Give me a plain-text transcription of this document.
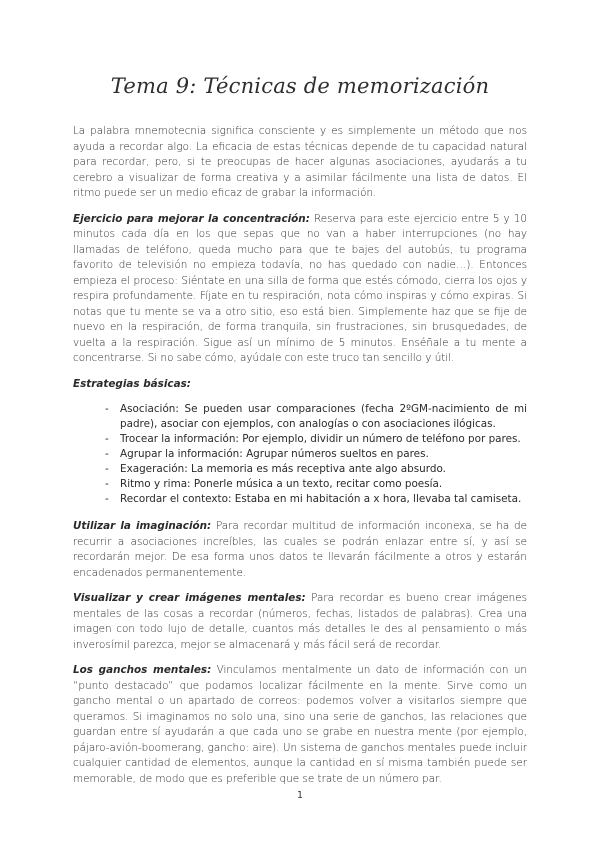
Tema 9: Técnicas de memorización

La palabra mnemotecnia significa consciente y es simplemente un método que nos ayuda a recordar algo. La eficacia de estas técnicas depende de tu capacidad natural para recordar, pero, si te preocupas de hacer algunas asociaciones, ayudarás a tu cerebro a visualizar de forma creativa y a asimilar fácilmente una lista de datos. El ritmo puede ser un medio eficaz de grabar la información.

Ejercicio para mejorar la concentración: Reserva para este ejercicio entre 5 y 10 minutos cada día en los que sepas que no van a haber interrupciones (no hay llamadas de teléfono, queda mucho para que te bajes del autobús, tu programa favorito de televisión no empieza todavía, no has quedado con nadie…). Entonces empieza el proceso: Siéntate en una silla de forma que estés cómodo, cierra los ojos y respira profundamente. Fíjate en tu respiración, nota cómo inspiras y cómo expiras. Si notas que tu mente se va a otro sitio, eso está bien. Simplemente haz que se fije de nuevo en la respiración, de forma tranquila, sin frustraciones, sin brusquedades, de vuelta a la respiración. Sigue así un mínimo de 5 minutos. Enséñale a tu mente a concentrarse. Si no sabe cómo, ayúdale con este truco tan sencillo y útil.

Estrategias básicas:
- Asociación: Se pueden usar comparaciones (fecha 2ºGM-nacimiento de mi padre), asociar con ejemplos, con analogías o con asociaciones ilógicas.
- Trocear la información: Por ejemplo, dividir un número de teléfono por pares.
- Agrupar la información: Agrupar números sueltos en pares.
- Exageración: La memoria es más receptiva ante algo absurdo.
- Ritmo y rima: Ponerle música a un texto, recitar como poesía.
- Recordar el contexto: Estaba en mi habitación a x hora, llevaba tal camiseta.

Utilizar la imaginación: Para recordar multitud de información inconexa, se ha de recurrir a asociaciones increíbles, las cuales se podrán enlazar entre sí, y así se recordarán mejor. De esa forma unos datos te llevarán fácilmente a otros y estarán encadenados permanentemente.

Visualizar y crear imágenes mentales: Para recordar es bueno crear imágenes mentales de las cosas a recordar (números, fechas, listados de palabras). Crea una imagen con todo lujo de detalle, cuantos más detalles le des al pensamiento o más inverosímil parezca, mejor se almacenará y más fácil será de recordar.

Los ganchos mentales: Vinculamos mentalmente un dato de información con un “punto destacado” que podamos localizar fácilmente en la mente. Sirve como un gancho mental o un apartado de correos: podemos volver a visitarlos siempre que queramos. Si imaginamos no solo una, sino una serie de ganchos, las relaciones que guardan entre sí ayudarán a que cada uno se grabe en nuestra mente (por ejemplo, pájaro-avión-boomerang, gancho: aire). Un sistema de ganchos mentales puede incluir cualquier cantidad de elementos, aunque la cantidad en sí misma también puede ser memorable, de modo que es preferible que se trate de un número par.

1
